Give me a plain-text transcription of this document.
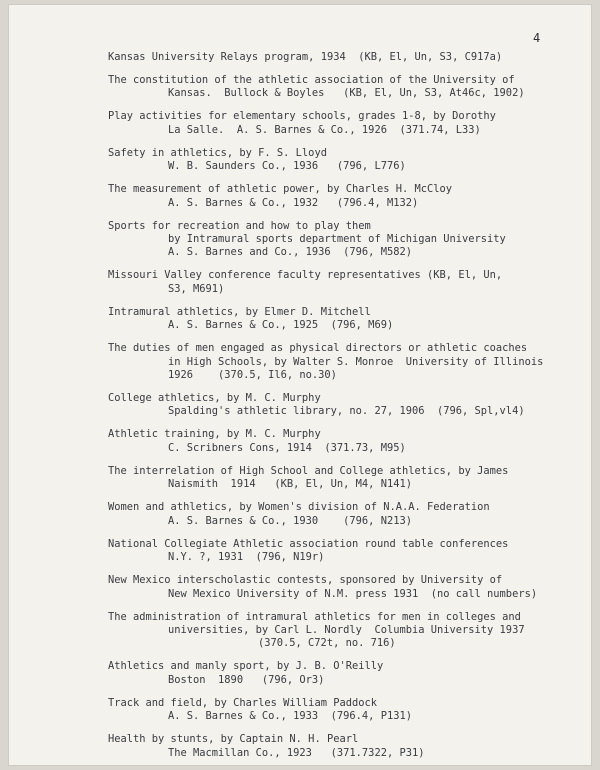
4
Kansas University Relays program, 1934  (KB, El, Un, S3, C917a)
The constitution of the athletic association of the University of
Kansas.  Bullock & Boyles   (KB, El, Un, S3, At46c, 1902)
Play activities for elementary schools, grades 1-8, by Dorothy
La Salle.  A. S. Barnes & Co., 1926  (371.74, L33)
Safety in athletics, by F. S. Lloyd
W. B. Saunders Co., 1936   (796, L776)
The measurement of athletic power, by Charles H. McCloy
A. S. Barnes & Co., 1932   (796.4, M132)
Sports for recreation and how to play them
by Intramural sports department of Michigan University
A. S. Barnes and Co., 1936  (796, M582)
Missouri Valley conference faculty representatives (KB, El, Un,
S3, M691)
Intramural athletics, by Elmer D. Mitchell
A. S. Barnes & Co., 1925  (796, M69)
The duties of men engaged as physical directors or athletic coaches
in High Schools, by Walter S. Monroe  University of Illinois
1926    (370.5, Il6, no.30)
College athletics, by M. C. Murphy
Spalding's athletic library, no. 27, 1906  (796, Spl,vl4)
Athletic training, by M. C. Murphy
C. Scribners Cons, 1914  (371.73, M95)
The interrelation of High School and College athletics, by James
Naismith  1914   (KB, El, Un, M4, N141)
Women and athletics, by Women's division of N.A.A. Federation
A. S. Barnes & Co., 1930    (796, N213)
National Collegiate Athletic association round table conferences
N.Y. ?, 1931  (796, N19r)
New Mexico interscholastic contests, sponsored by University of
New Mexico University of N.M. press 1931  (no call numbers)
The administration of intramural athletics for men in colleges and
universities, by Carl L. Nordly  Columbia University 1937
(370.5, C72t, no. 716)
Athletics and manly sport, by J. B. O'Reilly
Boston  1890   (796, Or3)
Track and field, by Charles William Paddock
A. S. Barnes & Co., 1933  (796.4, P131)
Health by stunts, by Captain N. H. Pearl
The Macmillan Co., 1923   (371.7322, P31)
